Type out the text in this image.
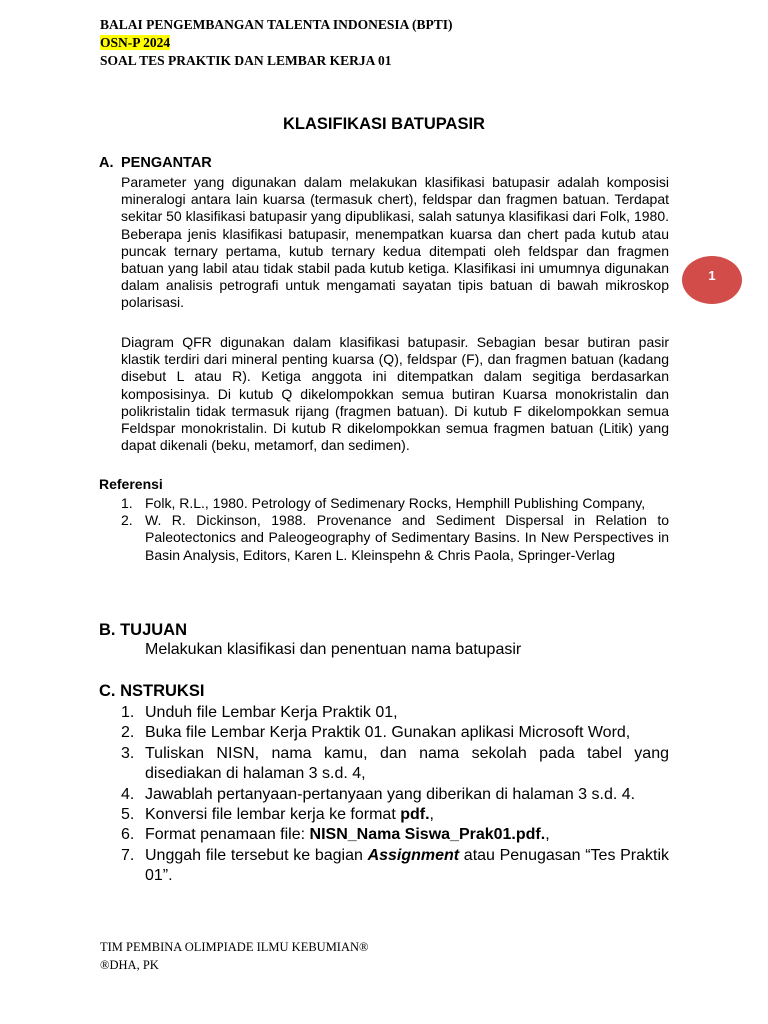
BALAI PENGEMBANGAN TALENTA INDONESIA (BPTI)
OSN-P 2024
SOAL TES PRAKTIK DAN LEMBAR KERJA 01
KLASIFIKASI BATUPASIR
A. PENGANTAR
Parameter yang digunakan dalam melakukan klasifikasi batupasir adalah komposisi mineralogi antara lain kuarsa (termasuk chert), feldspar dan fragmen batuan. Terdapat sekitar 50 klasifikasi batupasir yang dipublikasi, salah satunya klasifikasi dari Folk, 1980. Beberapa jenis klasifikasi batupasir, menempatkan kuarsa dan chert pada kutub atau puncak ternary pertama, kutub ternary kedua ditempati oleh feldspar dan fragmen batuan yang labil atau tidak stabil pada kutub ketiga. Klasifikasi ini umumnya digunakan dalam analisis petrografi untuk mengamati sayatan tipis batuan di bawah mikroskop polarisasi.
Diagram QFR digunakan dalam klasifikasi batupasir. Sebagian besar butiran pasir klastik terdiri dari mineral penting kuarsa (Q), feldspar (F), dan fragmen batuan (kadang disebut L atau R). Ketiga anggota ini ditempatkan dalam segitiga berdasarkan komposisinya. Di kutub Q dikelompokkan semua butiran Kuarsa monokristalin dan polikristalin tidak termasuk rijang (fragmen batuan). Di kutub F dikelompokkan semua Feldspar monokristalin. Di kutub R dikelompokkan semua fragmen batuan (Litik) yang dapat dikenali (beku, metamorf, dan sedimen).
Referensi
1. Folk, R.L., 1980. Petrology of Sedimenary Rocks, Hemphill Publishing Company,
2. W. R. Dickinson, 1988. Provenance and Sediment Dispersal in Relation to Paleotectonics and Paleogeography of Sedimentary Basins. In New Perspectives in Basin Analysis, Editors, Karen L. Kleinspehn & Chris Paola, Springer-Verlag
B. TUJUAN
Melakukan klasifikasi dan penentuan nama batupasir
C. NSTRUKSI
1. Unduh file Lembar Kerja Praktik 01,
2. Buka file Lembar Kerja Praktik 01. Gunakan aplikasi Microsoft Word,
3. Tuliskan NISN, nama kamu, dan nama sekolah pada tabel yang disediakan di halaman 3 s.d. 4,
4. Jawablah pertanyaan-pertanyaan yang diberikan di halaman 3 s.d. 4.
5. Konversi file lembar kerja ke format pdf.,
6. Format penamaan file: NISN_Nama Siswa_Prak01.pdf.,
7. Unggah file tersebut ke bagian Assignment atau Penugasan “Tes Praktik 01”.
TIM PEMBINA OLIMPIADE ILMU KEBUMIAN®
®DHA, PK
1
